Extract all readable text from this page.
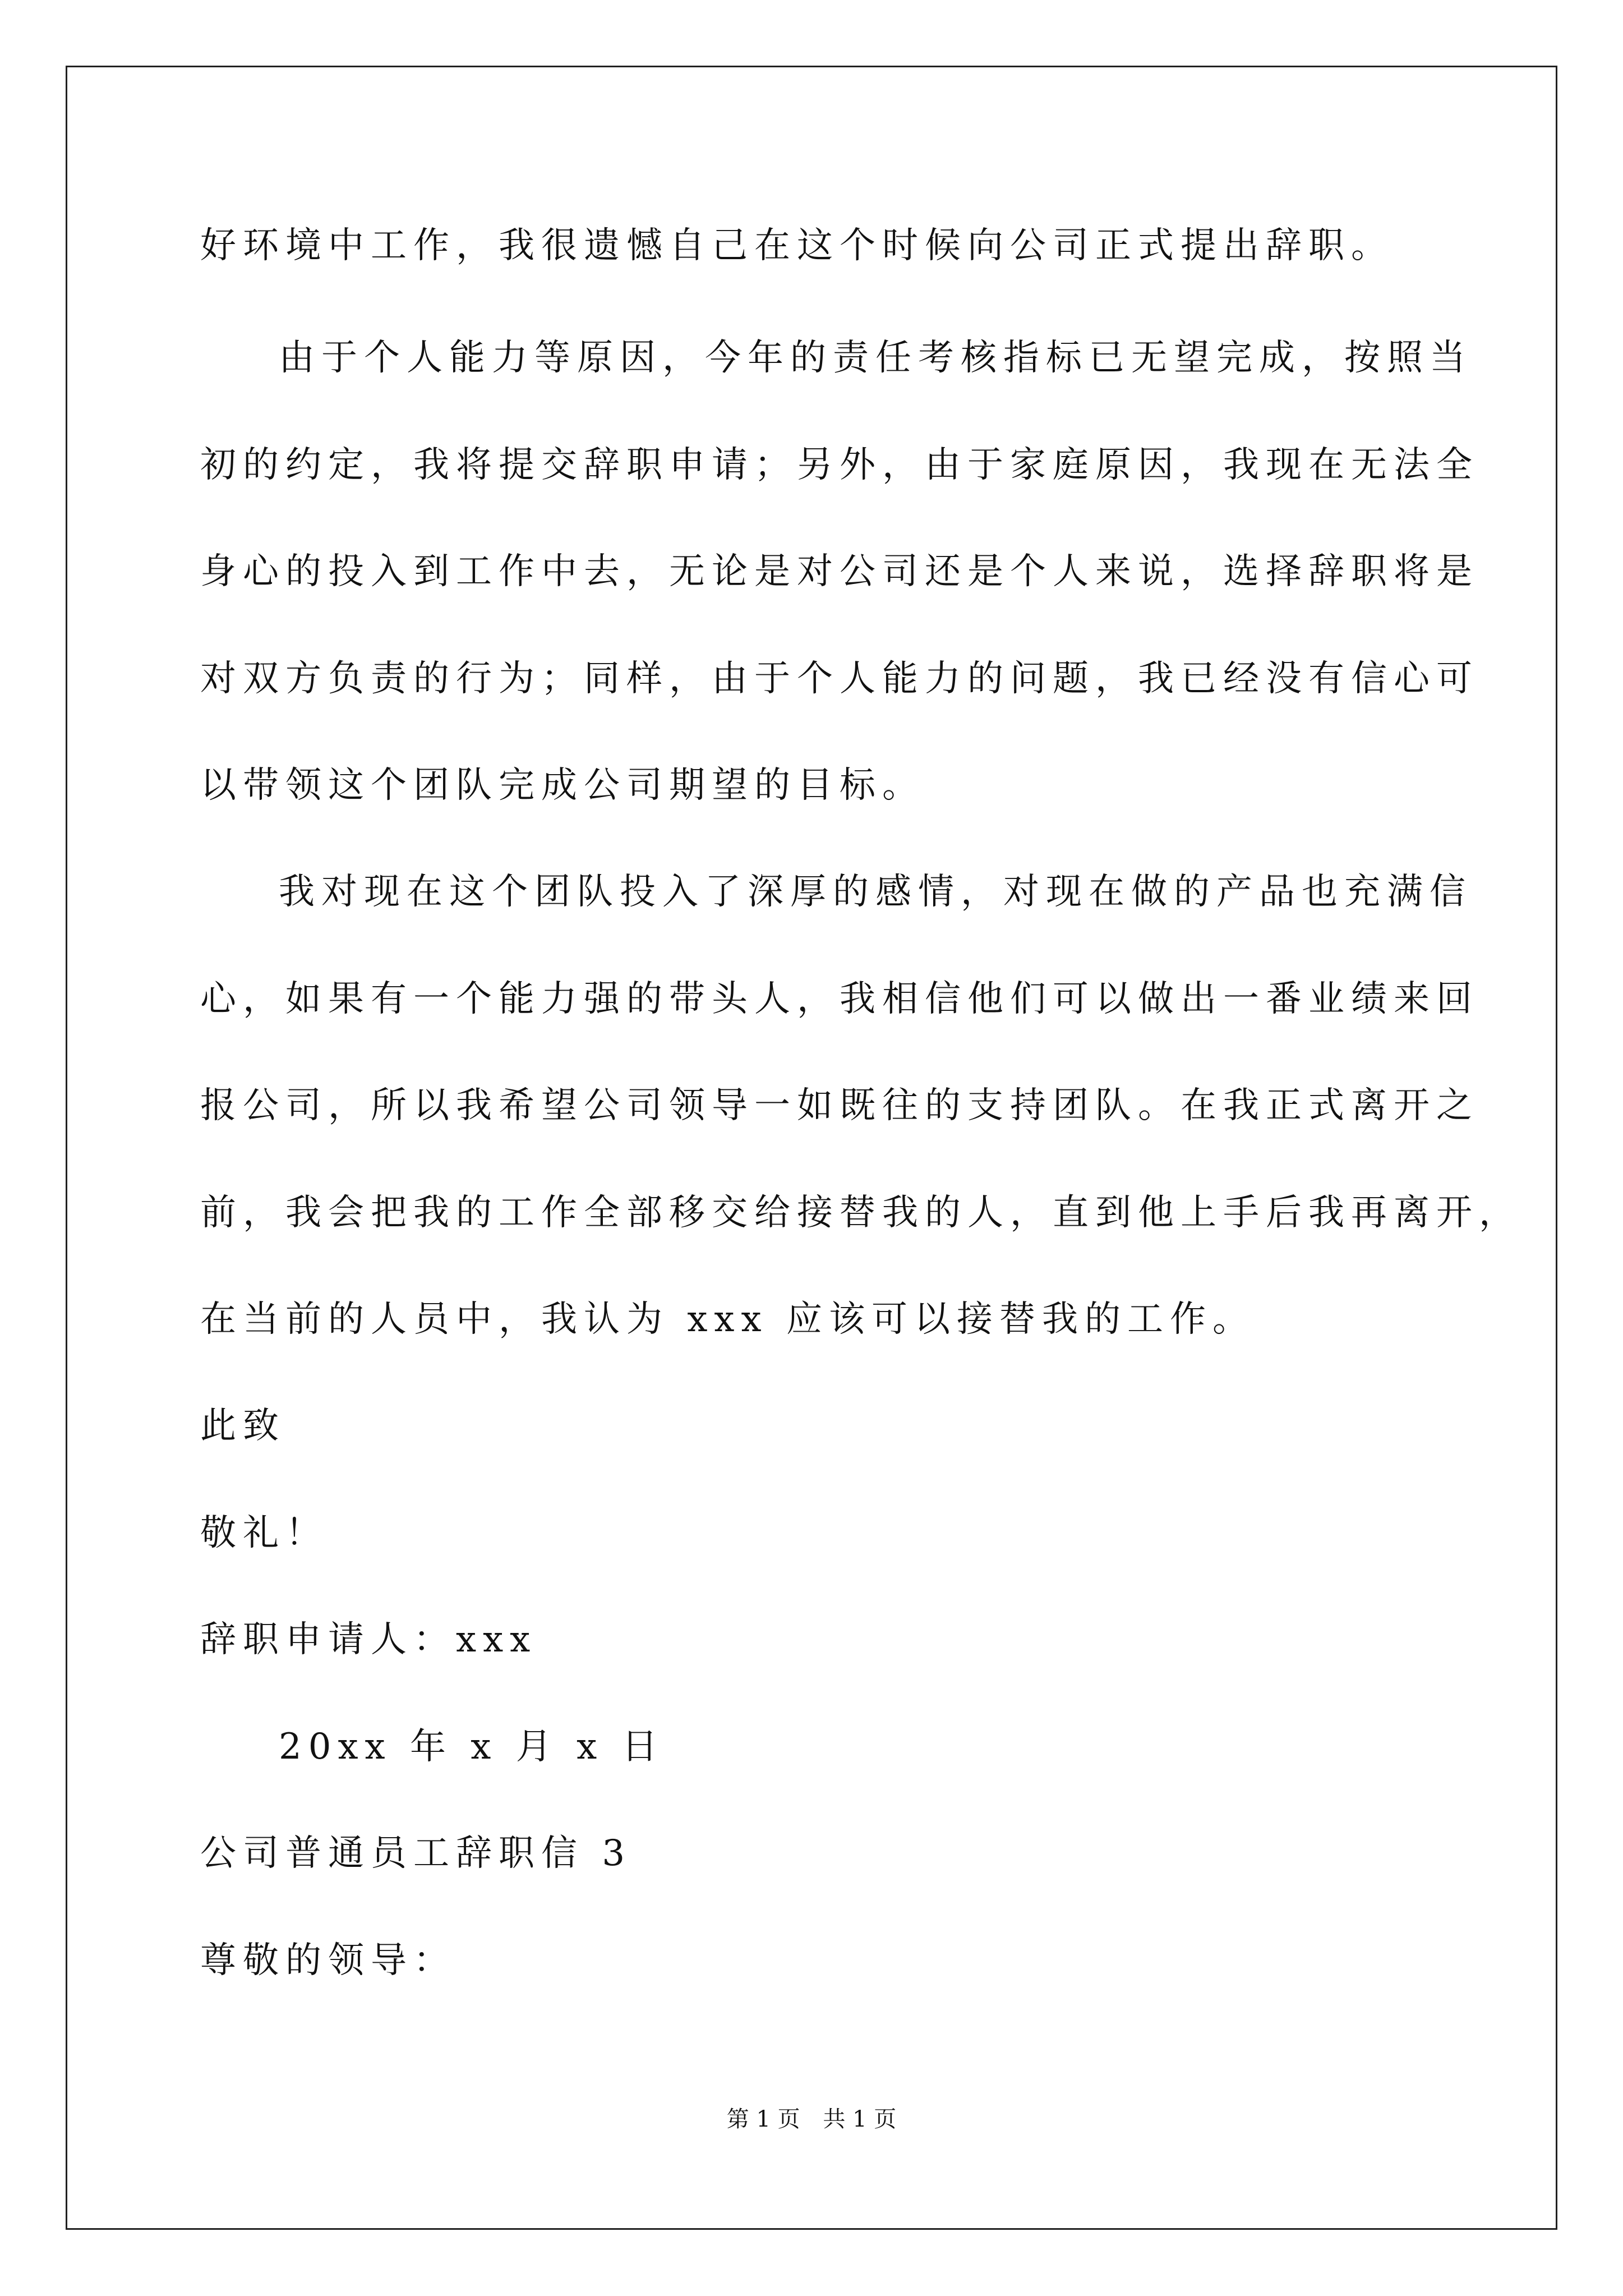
好环境中工作，我很遗憾自己在这个时候向公司正式提出辞职。
由于个人能力等原因，今年的责任考核指标已无望完成，按照当
初的约定，我将提交辞职申请；另外，由于家庭原因，我现在无法全
身心的投入到工作中去，无论是对公司还是个人来说，选择辞职将是
对双方负责的行为；同样，由于个人能力的问题，我已经没有信心可
以带领这个团队完成公司期望的目标。
我对现在这个团队投入了深厚的感情，对现在做的产品也充满信
心，如果有一个能力强的带头人，我相信他们可以做出一番业绩来回
报公司，所以我希望公司领导一如既往的支持团队。在我正式离开之
前，我会把我的工作全部移交给接替我的人，直到他上手后我再离开，
在当前的人员中，我认为 xxx 应该可以接替我的工作。
此致
敬礼！
辞职申请人：xxx
20xx 年 x 月 x 日
公司普通员工辞职信 3
尊敬的领导：
第 1 页 共 1 页
